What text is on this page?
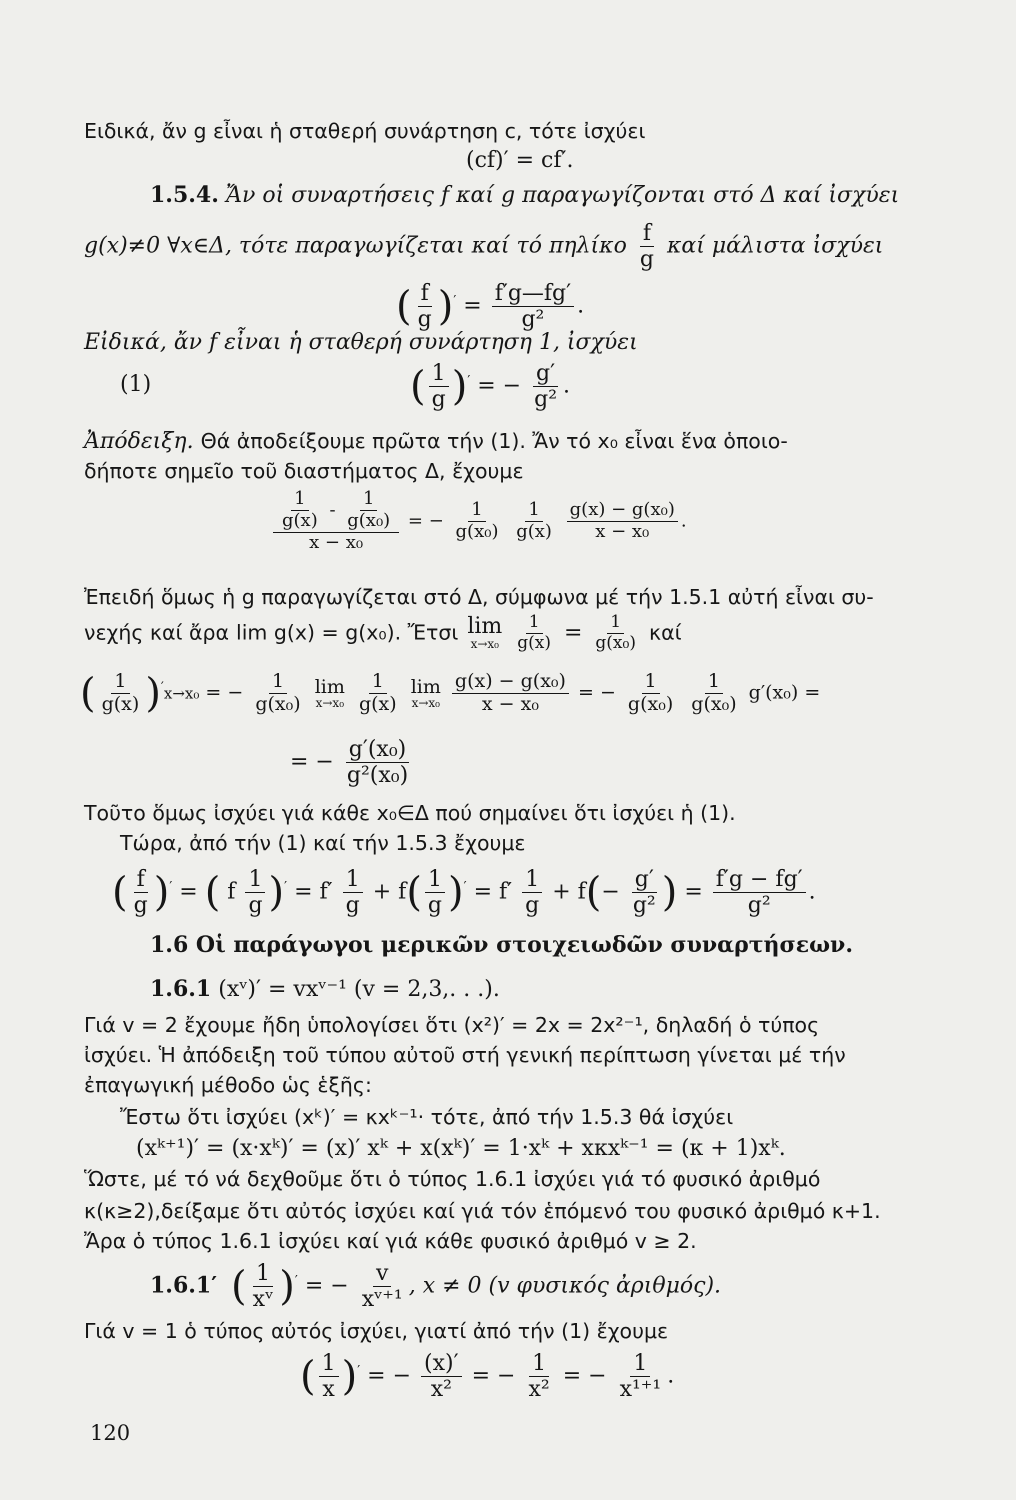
Ειδικά, ἄν g εἶναι ἡ σταθερή συνάρτηση c, τότε ἰσχύει
(cf)′ = cf′.
1.5.4. Ἄν οἱ συναρτήσεις f καί g παραγωγίζονται στό Δ καί ἰσχύει
g(x)≠0 ∀x∈Δ, τότε παραγωγίζεται καί τό πηλίκο $\frac{f}{g}$ καί μάλιστα ἰσχύει
( $\frac{f}{g} )' = \frac{f'g—fg'}{\text{g²}}$ .
Εἰδικά, ἄν f εἶναι ἡ σταθερή συνάρτηση 1, ἰσχύει
(1)	( $\frac{1}{g} )'$ = − $\frac{g'}{\text{g²}}$ .
Ἀπόδειξη. Θά ἀποδείξουμε πρῶτα τήν (1). Ἄν τό x₀ εἶναι ἕνα ὁποιο-
δήποτε σημεῖο τοῦ διαστήματος Δ, ἔχουμε
$\frac{\frac{1}{g(x)} - \frac{1}{\text{g(x₀)}}}{\text{x − x₀}}$ = − $\frac{1}{\text{g(x₀)}}$
$\frac{1}{g(x)}$
$\frac{\text{g(x) − g(x₀)}}{\text{x − x₀}}$ .
Ἐπειδή ὅμως ἡ g παραγωγίζεται στό Δ, σύμφωνα μέ τήν 1.5.1 αὐτή εἶναι συ-
νεχής καί ἄρα lim g(x) = g(x₀). Ἔτσι lim
x→x₀
$\frac{1}{g(x)} = \frac{1}{\text{g(x₀)}}$ καί
( $\frac{1}{g(x)} )'x\to x_0$ = − $\frac{1}{\text{g(x₀)}}$
lim
x→x₀
$\frac{1}{g(x)}$
lim
x→x₀
$\frac{\text{g(x) − g(x₀)}}{\text{x − x₀}}$ = − $\frac{1}{\text{g(x₀)}}$
$\frac{1}{\text{g(x₀)}} g'(x_0)$ =
= − $\frac{\text{g′(x₀)}}{\text{g²(x₀)}}$
Τοῦτο ὅμως ἰσχύει γιά κάθε x₀∈Δ πού σημαίνει ὅτι ἰσχύει ἡ (1).
Τώρα, ἀπό τήν (1) καί τήν 1.5.3 ἔχουμε
( $\frac{f}{g} )'$ = ( f $\frac{1}{g} )' = f' \frac{1}{g} + f( \frac{1}{g} )' = f' \frac{1}{g} + f(- \frac{g'}{\text{g²}}$ ) = $\frac{f'g - fg'}{\text{g²}}$ .
1.6 Οἱ παράγωγοι μερικῶν στοιχειωδῶν συναρτήσεων.
1.6.1 (xᵛ)′ = vxᵛ⁻¹ (v = 2,3,. . .).
Γιά v = 2 ἔχουμε ἤδη ὑπολογίσει ὅτι (x²)′ = 2x = 2x²⁻¹, δηλαδή ὁ τύπος
ἰσχύει. Ἡ ἀπόδειξη τοῦ τύπου αὐτοῦ στή γενική περίπτωση γίνεται μέ τήν
ἐπαγωγική μέθοδο ὡς ἑξῆς:
Ἔστω ὅτι ἰσχύει (xᵏ)′ = κxᵏ⁻¹· τότε, ἀπό τήν 1.5.3 θά ἰσχύει
(xᵏ⁺¹)′ = (x·xᵏ)′ = (x)′ xᵏ + x(xᵏ)′ = 1·xᵏ + xκxᵏ⁻¹ = (κ + 1)xᵏ.
Ὥστε, μέ τό νά δεχθοῦμε ὅτι ὁ τύπος 1.6.1 ἰσχύει γιά τό φυσικό ἀριθμό
κ(κ≥2),δείξαμε ὅτι αὐτός ἰσχύει καί γιά τόν ἑπόμενό του φυσικό ἀριθμό κ+1.
Ἄρα ὁ τύπος 1.6.1 ἰσχύει καί γιά κάθε φυσικό ἀριθμό v ≥ 2.
1.6.1′ ( $\frac{1}{\text{xᵛ}} )'$ = − $\frac{v}{\text{xᵛ⁺¹}}$ , x ≠ 0 (v φυσικός ἀριθμός).
Γιά v = 1 ὁ τύπος αὐτός ἰσχύει, γιατί ἀπό τήν (1) ἔχουμε
( $\frac{1}{x} )'$ = − $\frac{(x)'}{\text{x²}}$ = − $\frac{1}{\text{x²}}$ = − $\frac{1}{\text{x¹⁺¹}}$ .
120
